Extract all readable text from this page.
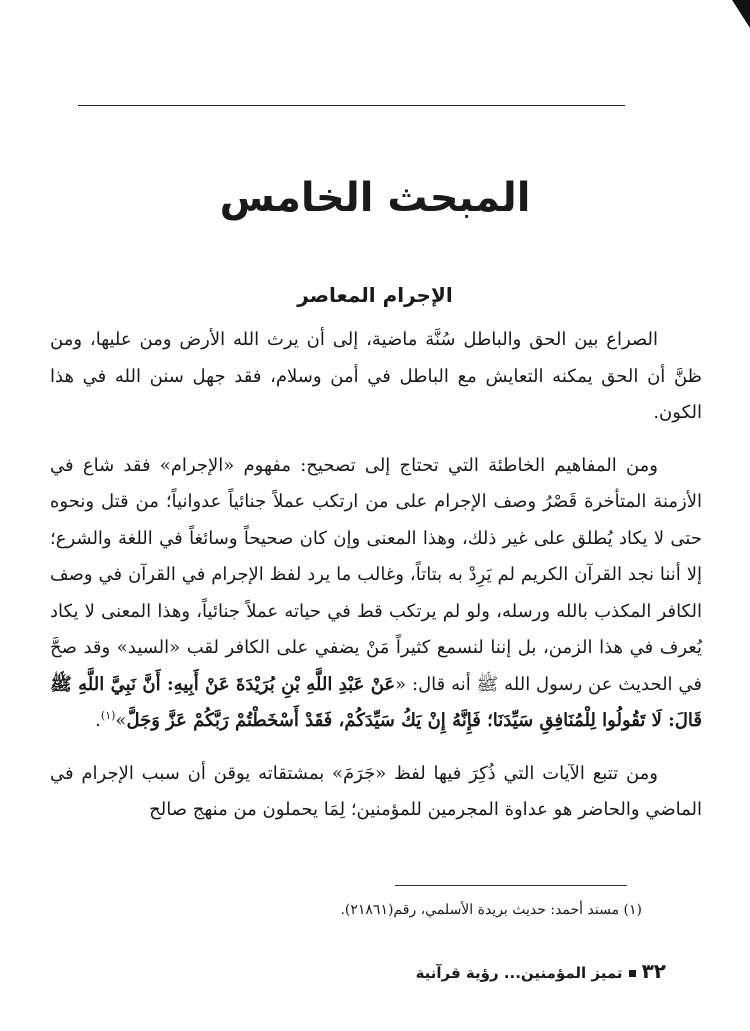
المبحث الخامس
الإجرام المعاصر

الصراع بين الحق والباطل سُنَّة ماضية، إلى أن يرث الله الأرض ومن عليها، ومن ظنَّ أن الحق يمكنه التعايش مع الباطل في أمن وسلام، فقد جهل سنن الله في هذا الكون.

ومن المفاهيم الخاطئة التي تحتاج إلى تصحيح: مفهوم «الإجرام» فقد شاع في الأزمنة المتأخرة قَصْرُ وصف الإجرام على من ارتكب عملاً جنائياً عدوانياً؛ من قتل ونحوه حتى لا يكاد يُطلق على غير ذلك، وهذا المعنى وإن كان صحيحاً وسائغاً في اللغة والشرع؛ إلا أننا نجد القرآن الكريم لم يَرِدْ به بتاتاً، وغالب ما يرد لفظ الإجرام في القرآن في وصف الكافر المكذب بالله ورسله، ولو لم يرتكب قط في حياته عملاً جنائياً، وهذا المعنى لا يكاد يُعرف في هذا الزمن، بل إننا لنسمع كثيراً مَنْ يضفي على الكافر لقب «السيد» وقد صحَّ في الحديث عن رسول الله ﷺ أنه قال: «عَنْ عَبْدِ اللَّهِ بْنِ بُرَيْدَةَ عَنْ أَبِيهِ: أَنَّ نَبِيَّ اللَّهِ ﷺ قَالَ: لَا تَقُولُوا لِلْمُنَافِقِ سَيِّدَنَا؛ فَإِنَّهُ إِنْ يَكُ سَيِّدَكُمْ، فَقَدْ أَسْخَطْتُمْ رَبَّكُمْ عَزَّ وَجَلَّ»$^{(١)}$.

ومن تتبع الآيات التي ذُكِرَ فيها لفظ «جَرَمَ» بمشتقاته يوقن أن سبب الإجرام في الماضي والحاضر هو عداوة المجرمين للمؤمنين؛ لِمَا يحملون من منهج صالح

(١) مسند أحمد: حديث بريدة الأسلمي، رقم(٢١٨٦١).

٣٢تميز المؤمنين... رؤية قرآنية
